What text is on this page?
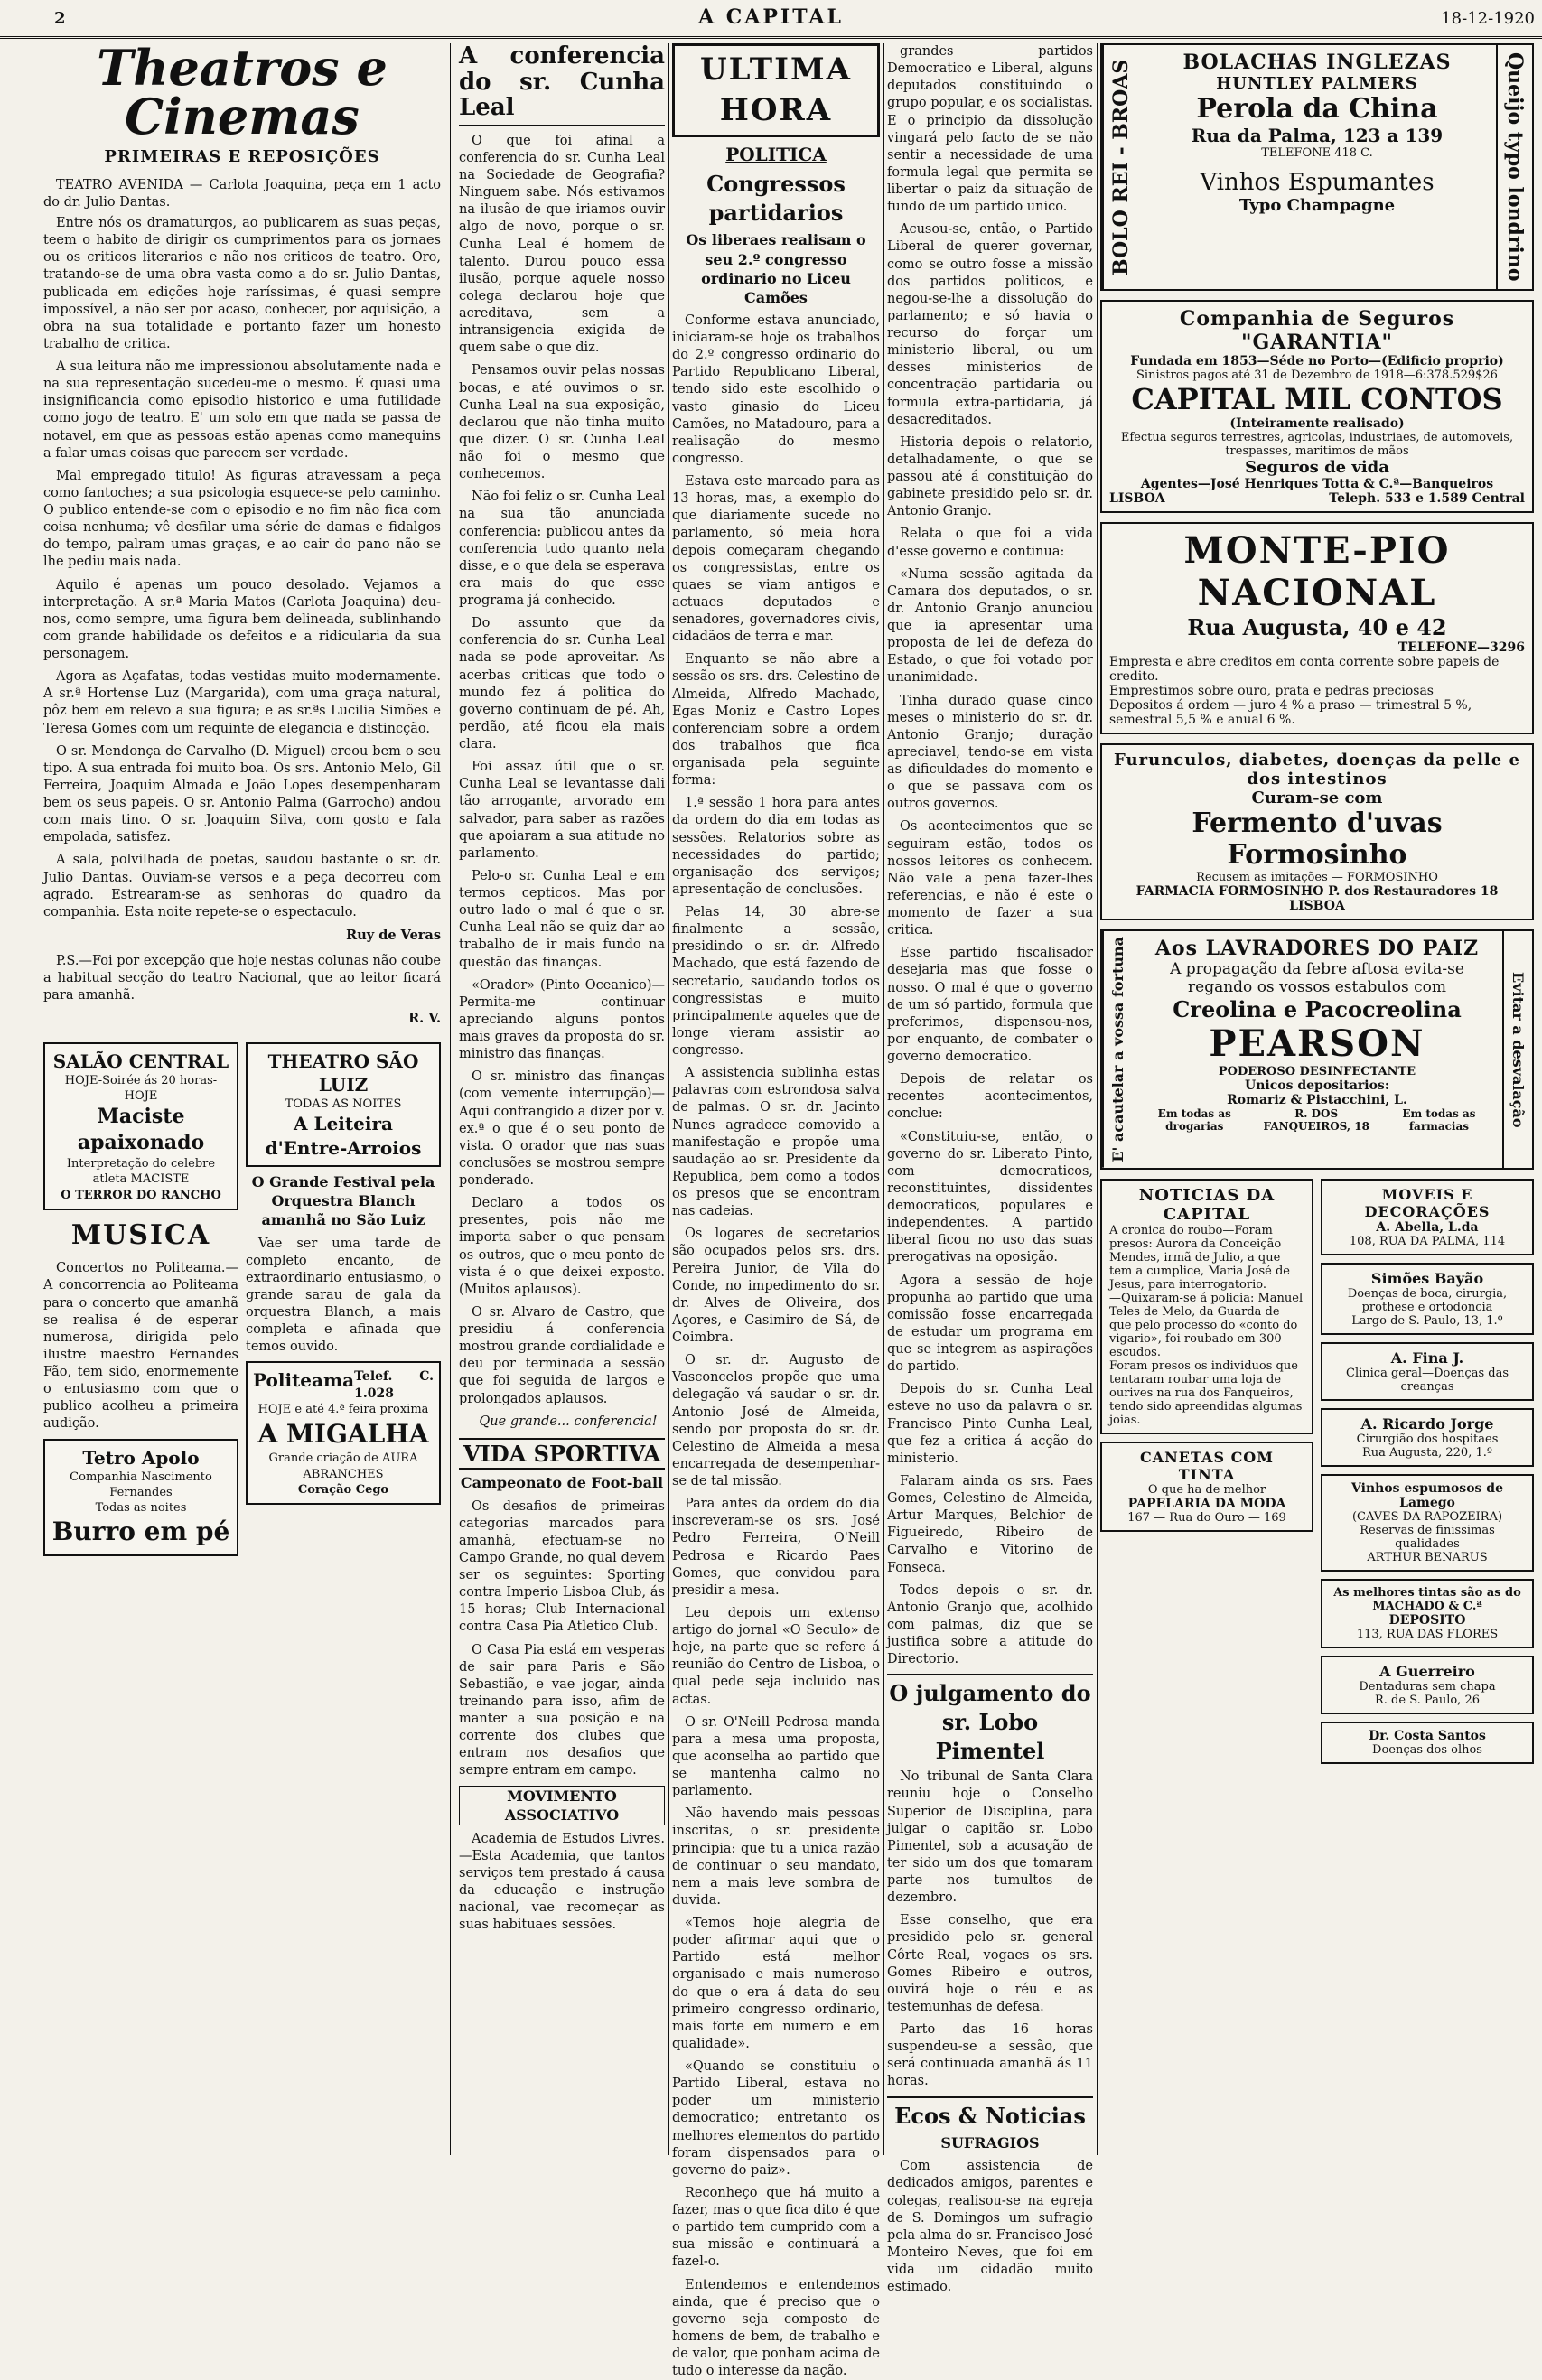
2	A CAPITAL	18-12-1920
Theatros e Cinemas
PRIMEIRAS E REPOSIÇÕES

TEATRO AVENIDA — Carlota Joaquina, peça em 1 acto do dr. Julio Dantas.

Entre nós os dramaturgos, ao publicarem as suas peças, teem o habito de dirigir os cumprimentos para os jornaes ou os criticos literarios e não nos criticos de teatro. Oro, tratando-se de uma obra vasta como a do sr. Julio Dantas, publicada em edições hoje raríssimas, é quasi sempre impossível, a não ser por acaso, conhecer, por aquisição, a obra na sua totalidade e portanto fazer um honesto trabalho de critica.

A sua leitura não me impressionou absolutamente nada e na sua representação sucedeu-me o mesmo. É quasi uma insignificancia como episodio historico e uma futilidade como jogo de teatro. E' um solo em que nada se passa de notavel, em que as pessoas estão apenas como manequins a falar umas coisas que parecem ser verdade.

Mal empregado titulo! As figuras atravessam a peça como fantoches; a sua psicologia esquece-se pelo caminho. O publico entende-se com o episodio e no fim não fica com coisa nenhuma; vê desfilar uma série de damas e fidalgos do tempo, palram umas graças, e ao cair do pano não se lhe pediu mais nada.

Aquilo é apenas um pouco desolado. Vejamos a interpretação. A sr.ª Maria Matos (Carlota Joaquina) deu-nos, como sempre, uma figura bem delineada, sublinhando com grande habilidade os defeitos e a ridicularia da sua personagem.

Agora as Açafatas, todas vestidas muito modernamente. A sr.ª Hortense Luz (Margarida), com uma graça natural, pôz bem em relevo a sua figura; e as sr.ªs Lucilia Simões e Teresa Gomes com um requinte de elegancia e distincção.

O sr. Mendonça de Carvalho (D. Miguel) creou bem o seu tipo. A sua entrada foi muito boa. Os srs. Antonio Melo, Gil Ferreira, Joaquim Almada e João Lopes desempenharam bem os seus papeis. O sr. Antonio Palma (Garrocho) andou com mais tino. O sr. Joaquim Silva, com gosto e fala empolada, satisfez.

A sala, polvilhada de poetas, saudou bastante o sr. dr. Julio Dantas. Ouviam-se versos e a peça decorreu com agrado. Estrearam-se as senhoras do quadro da companhia. Esta noite repete-se o espectaculo.

Ruy de Veras

P.S.—Foi por excepção que hoje nestas colunas não coube a habitual secção do teatro Nacional, que ao leitor ficará para amanhã.

R. V.
SALÃO CENTRAL

HOJE-Soirée ás 20 horas-HOJE

Maciste apaixonado

Interpretação do celebre atleta MACISTE

O TERROR DO RANCHO

MUSICA

Concertos no Politeama.—A concorrencia ao Politeama para o concerto que amanhã se realisa é de esperar numerosa, dirigida pelo ilustre maestro Fernandes Fão, tem sido, enormemente o entusiasmo com que o publico acolheu a primeira audição.

Tetro Apolo

Companhia Nascimento Fernandes

Todas as noites

Burro em pé
THEATRO SÃO LUIZ

TODAS AS NOITES

A Leiteira d'Entre-Arroios
O Grande Festival pela Orquestra Blanch amanhã no São Luiz

Vae ser uma tarde de completo encanto, de extraordinario entusiasmo, o grande sarau de gala da orquestra Blanch, a mais completa e afinada que temos ouvido.

Politeama Telef. C. 1.028

HOJE e até 4.ª feira proxima

A MIGALHA

Grande criação de AURA ABRANCHES

Coração Cego

A conferencia do sr. Cunha Leal

O que foi afinal a conferencia do sr. Cunha Leal na Sociedade de Geografia? Ninguem sabe. Nós estivamos na ilusão de que iriamos ouvir algo de novo, porque o sr. Cunha Leal é homem de talento. Durou pouco essa ilusão, porque aquele nosso colega declarou hoje que acreditava, sem a intransigencia exigida de quem sabe o que diz.

Pensamos ouvir pelas nossas bocas, e até ouvimos o sr. Cunha Leal na sua exposição, declarou que não tinha muito que dizer. O sr. Cunha Leal não foi o mesmo que conhecemos.

Não foi feliz o sr. Cunha Leal na sua tão anunciada conferencia: publicou antes da conferencia tudo quanto nela disse, e o que dela se esperava era mais do que esse programa já conhecido.

Do assunto que da conferencia do sr. Cunha Leal nada se pode aproveitar. As acerbas criticas que todo o mundo fez á politica do governo continuam de pé. Ah, perdão, até ficou ela mais clara.

Foi assaz útil que o sr. Cunha Leal se levantasse dali tão arrogante, arvorado em salvador, para saber as razões que apoiaram a sua atitude no parlamento.

Pelo-o sr. Cunha Leal e em termos cepticos. Mas por outro lado o mal é que o sr. Cunha Leal não se quiz dar ao trabalho de ir mais fundo na questão das finanças.

«Orador» (Pinto Oceanico)—Permita-me continuar apreciando alguns pontos mais graves da proposta do sr. ministro das finanças.

O sr. ministro das finanças (com vemente interrupção)—Aqui confrangido a dizer por v. ex.ª o que é o seu ponto de vista. O orador que nas suas conclusões se mostrou sempre ponderado.

Declaro a todos os presentes, pois não me importa saber o que pensam os outros, que o meu ponto de vista é o que deixei exposto. (Muitos aplausos).

O sr. Alvaro de Castro, que presidiu á conferencia mostrou grande cordialidade e deu por terminada a sessão que foi seguida de largos e prolongados aplausos.

Que grande... conferencia!

VIDA SPORTIVA
Campeonato de Foot-ball

Os desafios de primeiras categorias marcados para amanhã, efectuam-se no Campo Grande, no qual devem ser os seguintes: Sporting contra Imperio Lisboa Club, ás 15 horas; Club Internacional contra Casa Pia Atletico Club.

O Casa Pia está em vesperas de sair para Paris e São Sebastião, e vae jogar, ainda treinando para isso, afim de manter a sua posição e na corrente dos clubes que entram nos desafios que sempre entram em campo.

MOVIMENTO ASSOCIATIVO

Academia de Estudos Livres.—Esta Academia, que tantos serviços tem prestado á causa da educação e instrução nacional, vae recomeçar as suas habituaes sessões.

ULTIMA HORA
POLITICA
Congressos partidarios
Os liberaes realisam o seu 2.º congresso ordinario no Liceu Camões

Conforme estava anunciado, iniciaram-se hoje os trabalhos do 2.º congresso ordinario do Partido Republicano Liberal, tendo sido este escolhido o vasto ginasio do Liceu Camões, no Matadouro, para a realisação do mesmo congresso.

Estava este marcado para as 13 horas, mas, a exemplo do que diariamente sucede no parlamento, só meia hora depois começaram chegando os congressistas, entre os quaes se viam antigos e actuaes deputados e senadores, governadores civis, cidadãos de terra e mar.

Enquanto se não abre a sessão os srs. drs. Celestino de Almeida, Alfredo Machado, Egas Moniz e Castro Lopes conferenciam sobre a ordem dos trabalhos que fica organisada pela seguinte forma:

1.ª sessão 1 hora para antes da ordem do dia em todas as sessões. Relatorios sobre as necessidades do partido; organisação dos serviços; apresentação de conclusões.

Pelas 14, 30 abre-se finalmente a sessão, presidindo o sr. dr. Alfredo Machado, que está fazendo de secretario, saudando todos os congressistas e muito principalmente aqueles que de longe vieram assistir ao congresso.

A assistencia sublinha estas palavras com estrondosa salva de palmas. O sr. dr. Jacinto Nunes agradece comovido a manifestação e propõe uma saudação ao sr. Presidente da Republica, bem como a todos os presos que se encontram nas cadeias.

Os logares de secretarios são ocupados pelos srs. drs. Pereira Junior, de Vila do Conde, no impedimento do sr. dr. Alves de Oliveira, dos Açores, e Casimiro de Sá, de Coimbra.

O sr. dr. Augusto de Vasconcelos propõe que uma delegação vá saudar o sr. dr. Antonio José de Almeida, sendo por proposta do sr. dr. Celestino de Almeida a mesa encarregada de desempenhar-se de tal missão.

Para antes da ordem do dia inscreveram-se os srs. José Pedro Ferreira, O'Neill Pedrosa e Ricardo Paes Gomes, que convidou para presidir a mesa.

Leu depois um extenso artigo do jornal «O Seculo» de hoje, na parte que se refere á reunião do Centro de Lisboa, o qual pede seja incluido nas actas.

O sr. O'Neill Pedrosa manda para a mesa uma proposta, que aconselha ao partido que se mantenha calmo no parlamento.

Não havendo mais pessoas inscritas, o sr. presidente principia: que tu a unica razão de continuar o seu mandato, nem a mais leve sombra de duvida.

«Temos hoje alegria de poder afirmar aqui que o Partido está melhor organisado e mais numeroso do que o era á data do seu primeiro congresso ordinario, mais forte em numero e em qualidade».

«Quando se constituiu o Partido Liberal, estava no poder um ministerio democratico; entretanto os melhores elementos do partido foram dispensados para o governo do paiz».

Reconheço que há muito a fazer, mas o que fica dito é que o partido tem cumprido com a sua missão e continuará a fazel-o.

Entendemos e entendemos ainda, que é preciso que o governo seja composto de homens de bem, de trabalho e de valor, que ponham acima de tudo o interesse da nação.

grandes partidos Democratico e Liberal, alguns deputados constituindo o grupo popular, e os socialistas. E o principio da dissolução vingará pelo facto de se não sentir a necessidade de uma formula legal que permita se libertar o paiz da situação de fundo de um partido unico.

Acusou-se, então, o Partido Liberal de querer governar, como se outro fosse a missão dos partidos politicos, e negou-se-lhe a dissolução do parlamento; e só havia o recurso do forçar um ministerio liberal, ou um desses ministerios de concentração partidaria ou formula extra-partidaria, já desacreditados.

Historia depois o relatorio, detalhadamente, o que se passou até á constituição do gabinete presidido pelo sr. dr. Antonio Granjo.

Relata o que foi a vida d'esse governo e continua:

«Numa sessão agitada da Camara dos deputados, o sr. dr. Antonio Granjo anunciou que ia apresentar uma proposta de lei de defeza do Estado, o que foi votado por unanimidade.

Tinha durado quase cinco meses o ministerio do sr. dr. Antonio Granjo; duração apreciavel, tendo-se em vista as dificuldades do momento e o que se passava com os outros governos.

Os acontecimentos que se seguiram estão, todos os nossos leitores os conhecem. Não vale a pena fazer-lhes referencias, e não é este o momento de fazer a sua critica.

Esse partido fiscalisador desejaria mas que fosse o nosso. O mal é que o governo de um só partido, formula que preferimos, dispensou-nos, por enquanto, de combater o governo democratico.

Depois de relatar os recentes acontecimentos, conclue:

«Constituiu-se, então, o governo do sr. Liberato Pinto, com democraticos, reconstituintes, dissidentes democraticos, populares e independentes. A partido liberal ficou no uso das suas prerogativas na oposição.

Agora a sessão de hoje propunha ao partido que uma comissão fosse encarregada de estudar um programa em que se integrem as aspirações do partido.

Depois do sr. Cunha Leal esteve no uso da palavra o sr. Francisco Pinto Cunha Leal, que fez a critica á acção do ministerio.

Falaram ainda os srs. Paes Gomes, Celestino de Almeida, Artur Marques, Belchior de Figueiredo, Ribeiro de Carvalho e Vitorino de Fonseca.

Todos depois o sr. dr. Antonio Granjo que, acolhido com palmas, diz que se justifica sobre a atitude do Directorio.

O julgamento do sr. Lobo Pimentel

No tribunal de Santa Clara reuniu hoje o Conselho Superior de Disciplina, para julgar o capitão sr. Lobo Pimentel, sob a acusação de ter sido um dos que tomaram parte nos tumultos de dezembro.

Esse conselho, que era presidido pelo sr. general Côrte Real, vogaes os srs. Gomes Ribeiro e outros, ouvirá hoje o réu e as testemunhas de defesa.

Parto das 16 horas suspendeu-se a sessão, que será continuada amanhã ás 11 horas.

Ecos & Noticias
SUFRAGIOS

Com assistencia de dedicados amigos, parentes e colegas, realisou-se na egreja de S. Domingos um sufragio pela alma do sr. Francisco José Monteiro Neves, que foi em vida um cidadão muito estimado.

BOLO REI - BROAS	BOLACHAS INGLEZAS
HUNTLEY PALMERS
Perola da China
Rua da Palma, 123 a 139
TELEFONE 418 C.
Vinhos Espumantes
Typo Champagne	Queijo typo londrino
Companhia de Seguros "GARANTIA"
Fundada em 1853—Séde no Porto—(Edificio proprio)
Sinistros pagos até 31 de Dezembro de 1918—6:378.529$26
CAPITAL MIL CONTOS
(Inteiramente realisado)
Efectua seguros terrestres, agricolas, industriaes, de automoveis, trespasses, maritimos de mãos
Seguros de vida
Agentes—José Henriques Totta & C.ª—Banqueiros
LISBOA	Teleph. 533 e 1.589 Central
MONTE-PIO NACIONAL
Rua Augusta, 40 e 42
TELEFONE—3296
Empresta e abre creditos em conta corrente sobre papeis de credito.
Emprestimos sobre ouro, prata e pedras preciosas
Depositos á ordem — juro 4 % a praso — trimestral 5 %, semestral 5,5 % e anual 6 %.
Furunculos, diabetes, doenças da pelle e dos intestinos
Curam-se com
Fermento d'uvas Formosinho
Recusem as imitações — FORMOSINHO
FARMACIA FORMOSINHO P. dos Restauradores 18
LISBOA
E' acautelar a vossa fortuna	Aos LAVRADORES DO PAIZ
A propagação da febre aftosa evita-se regando os vossos estabulos com
Creolina e Pacocreolina
PEARSON
PODEROSO DESINFECTANTE
Unicos depositarios:
Romariz & Pistacchini, L.
Em todas as drogarias
R. DOS FANQUEIROS, 18
Em todas as farmacias	Evitar a desvalação
NOTICIAS DA CAPITAL
A cronica do roubo—Foram presos: Aurora da Conceição Mendes, irmã de Julio, a que tem a cumplice, Maria José de Jesus, para interrogatorio.
—Quixaram-se á policia: Manuel Teles de Melo, da Guarda de que pelo processo do «conto do vigario», foi roubado em 300 escudos.
Foram presos os individuos que tentaram roubar uma loja de ourives na rua dos Fanqueiros, tendo sido apreendidas algumas joias.
CANETAS COM TINTA
O que ha de melhor
PAPELARIA DA MODA
167 — Rua do Ouro — 169
MOVEIS E DECORAÇÕES
A. Abella, L.da
108, RUA DA PALMA, 114
Simões Bayão
Doenças de boca, cirurgia, prothese e ortodoncia
Largo de S. Paulo, 13, 1.º
A. Fina J.
Clinica geral—Doenças das creanças
A. Ricardo Jorge
Cirurgião dos hospitaes
Rua Augusta, 220, 1.º
Vinhos espumosos de Lamego
(CAVES DA RAPOZEIRA)
Reservas de finissimas qualidades
ARTHUR BENARUS
As melhores tintas são as do MACHADO & C.ª
DEPOSITO
113, RUA DAS FLORES
A Guerreiro
Dentaduras sem chapa
R. de S. Paulo, 26
Dr. Costa Santos
Doenças dos olhos
